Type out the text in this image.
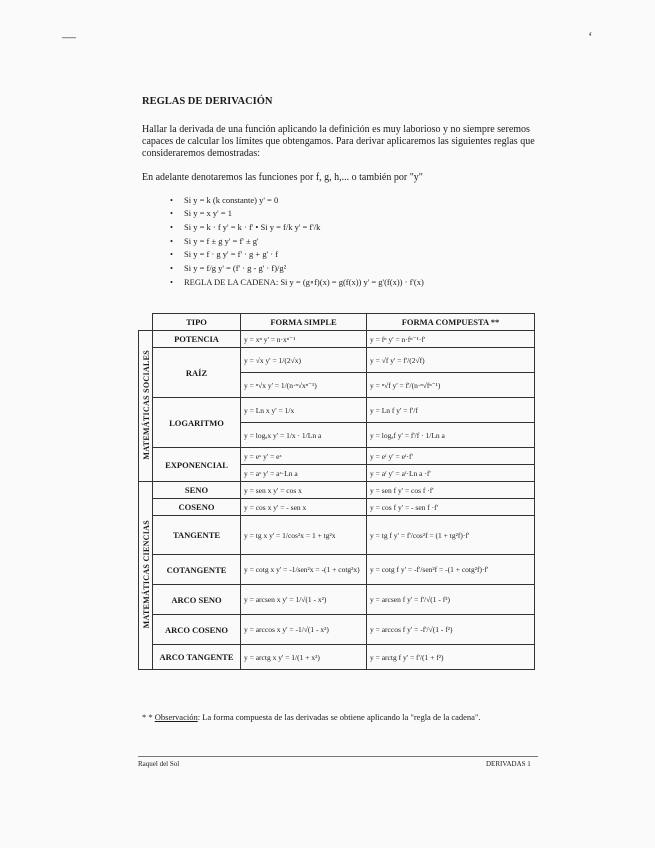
—	‘
REGLAS DE DERIVACIÓN

Hallar la derivada de una función aplicando la definición es muy laborioso y no siempre seremos capaces de calcular los límites que obtengamos. Para derivar aplicaremos las siguientes reglas que consideraremos demostradas:

En adelante denotaremos las funciones por f, g, h,... o también por "y"

• Si y = k (k constante) y' = 0
• Si y = x y' = 1
• Si y = k · f y' = k · f' • Si y = f/k y' = f'/k
• Si y = f ± g y' = f' ± g'
• Si y = f · g y' = f' · g + g' · f
• Si y = f/g y' = (f' · g - g' · f)/g²
• REGLA DE LA CADENA: Si y = (g∘f)(x) = g(f(x)) y' = g'(f(x)) · f'(x)
	TIPO	FORMA SIMPLE	FORMA COMPUESTA **
MATEMÁTICAS SOCIALES	POTENCIA	y = xⁿ y' = n·xⁿ⁻¹	y = fⁿ y' = n·fⁿ⁻¹·f'
	RAÍZ	y = √x y' = 1/(2√x)	y = √f y' = f'/(2√f)
		y = ⁿ√x y' = 1/(n·ⁿ√xⁿ⁻¹)	y = ⁿ√f y' = f'/(n·ⁿ√fⁿ⁻¹)
	LOGARITMO	y = Ln x y' = 1/x	y = Ln f y' = f'/f
		y = logₐx y' = 1/x · 1/Ln a	y = logₐf y' = f'/f · 1/Ln a
	EXPONENCIAL	y = eˣ y' = eˣ	y = eᶠ y' = eᶠ·f'
		y = aˣ y' = aˣ·Ln a	y = aᶠ y' = aᶠ·Ln a ·f'
MATEMÁTICAS CIENCIAS	SENO	y = sen x y' = cos x	y = sen f y' = cos f ·f'
	COSENO	y = cos x y' = - sen x	y = cos f y' = - sen f ·f'
	TANGENTE	y = tg x y' = 1/cos²x = 1 + tg²x	y = tg f y' = f'/cos²f = (1 + tg²f)·f'
	COTANGENTE	y = cotg x y' = -1/sen²x = -(1 + cotg²x)	y = cotg f y' = -f'/sen²f = -(1 + cotg²f)·f'
	ARCO SENO	y = arcsen x y' = 1/√(1 - x²)	y = arcsen f y' = f'/√(1 - f²)
	ARCO COSENO	y = arccos x y' = -1/√(1 - x²)	y = arccos f y' = -f'/√(1 - f²)
	ARCO TANGENTE	y = arctg x y' = 1/(1 + x²)	y = arctg f y' = f'/(1 + f²)

* * Observación: La forma compuesta de las derivadas se obtiene aplicando la "regla de la cadena".

Raquel del Sol	DERIVADAS 1
